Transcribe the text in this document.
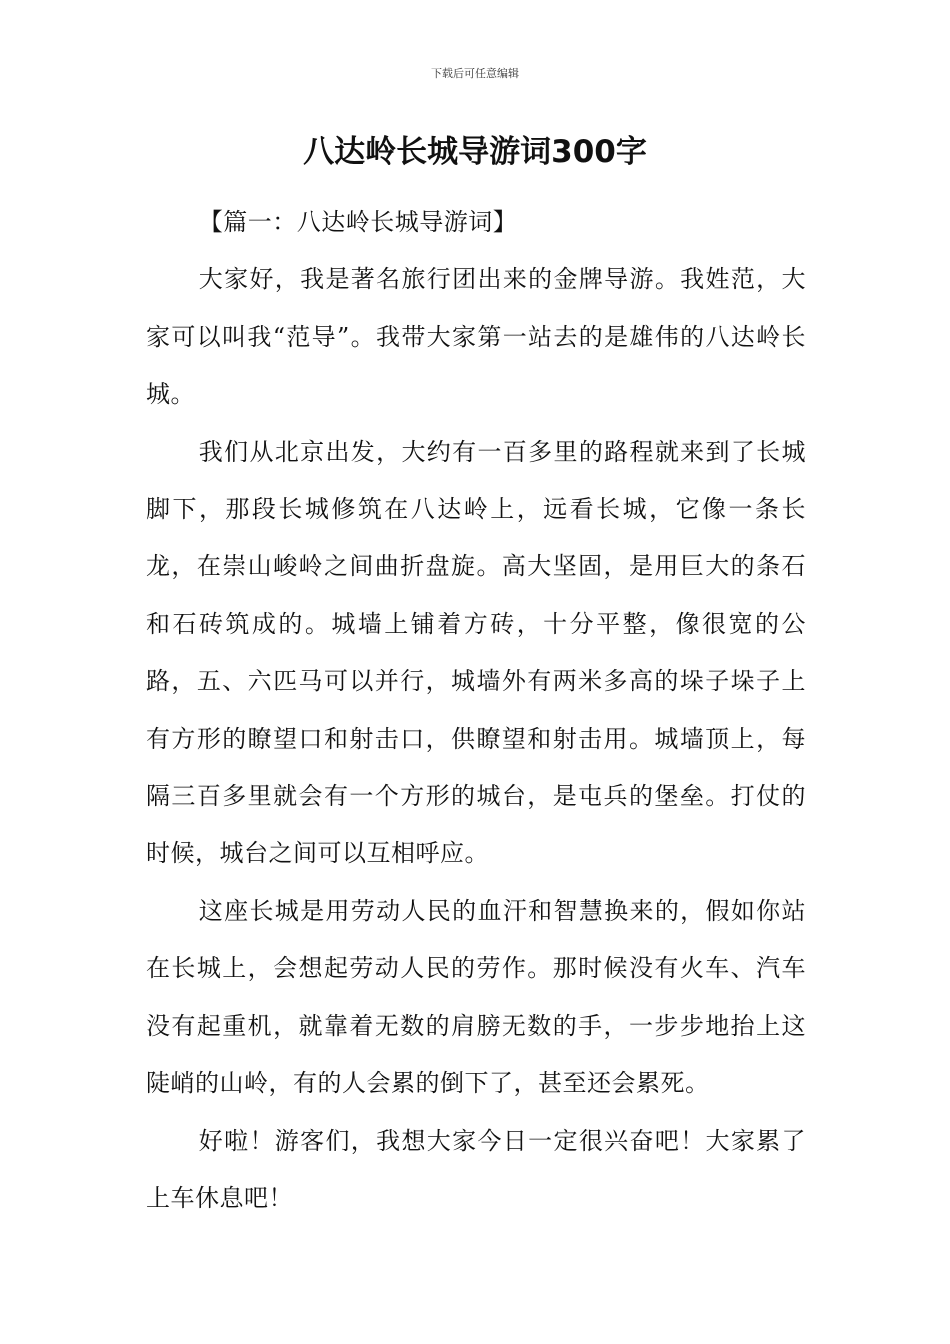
下载后可任意编辑
八达岭长城导游词300字

【篇一：八达岭长城导游词】

大家好，我是著名旅行团出来的金牌导游。我姓范，大家可以叫我“范导”。我带大家第一站去的是雄伟的八达岭长城。

我们从北京出发，大约有一百多里的路程就来到了长城脚下，那段长城修筑在八达岭上，远看长城，它像一条长龙，在崇山峻岭之间曲折盘旋。高大坚固，是用巨大的条石和石砖筑成的。城墙上铺着方砖，十分平整，像很宽的公路，五、六匹马可以并行，城墙外有两米多高的垛子垛子上有方形的瞭望口和射击口，供瞭望和射击用。城墙顶上，每隔三百多里就会有一个方形的城台，是屯兵的堡垒。打仗的时候，城台之间可以互相呼应。

这座长城是用劳动人民的血汗和智慧换来的，假如你站在长城上，会想起劳动人民的劳作。那时候没有火车、汽车没有起重机，就靠着无数的肩膀无数的手，一步步地抬上这陡峭的山岭，有的人会累的倒下了，甚至还会累死。

好啦！游客们，我想大家今日一定很兴奋吧！大家累了上车休息吧！
